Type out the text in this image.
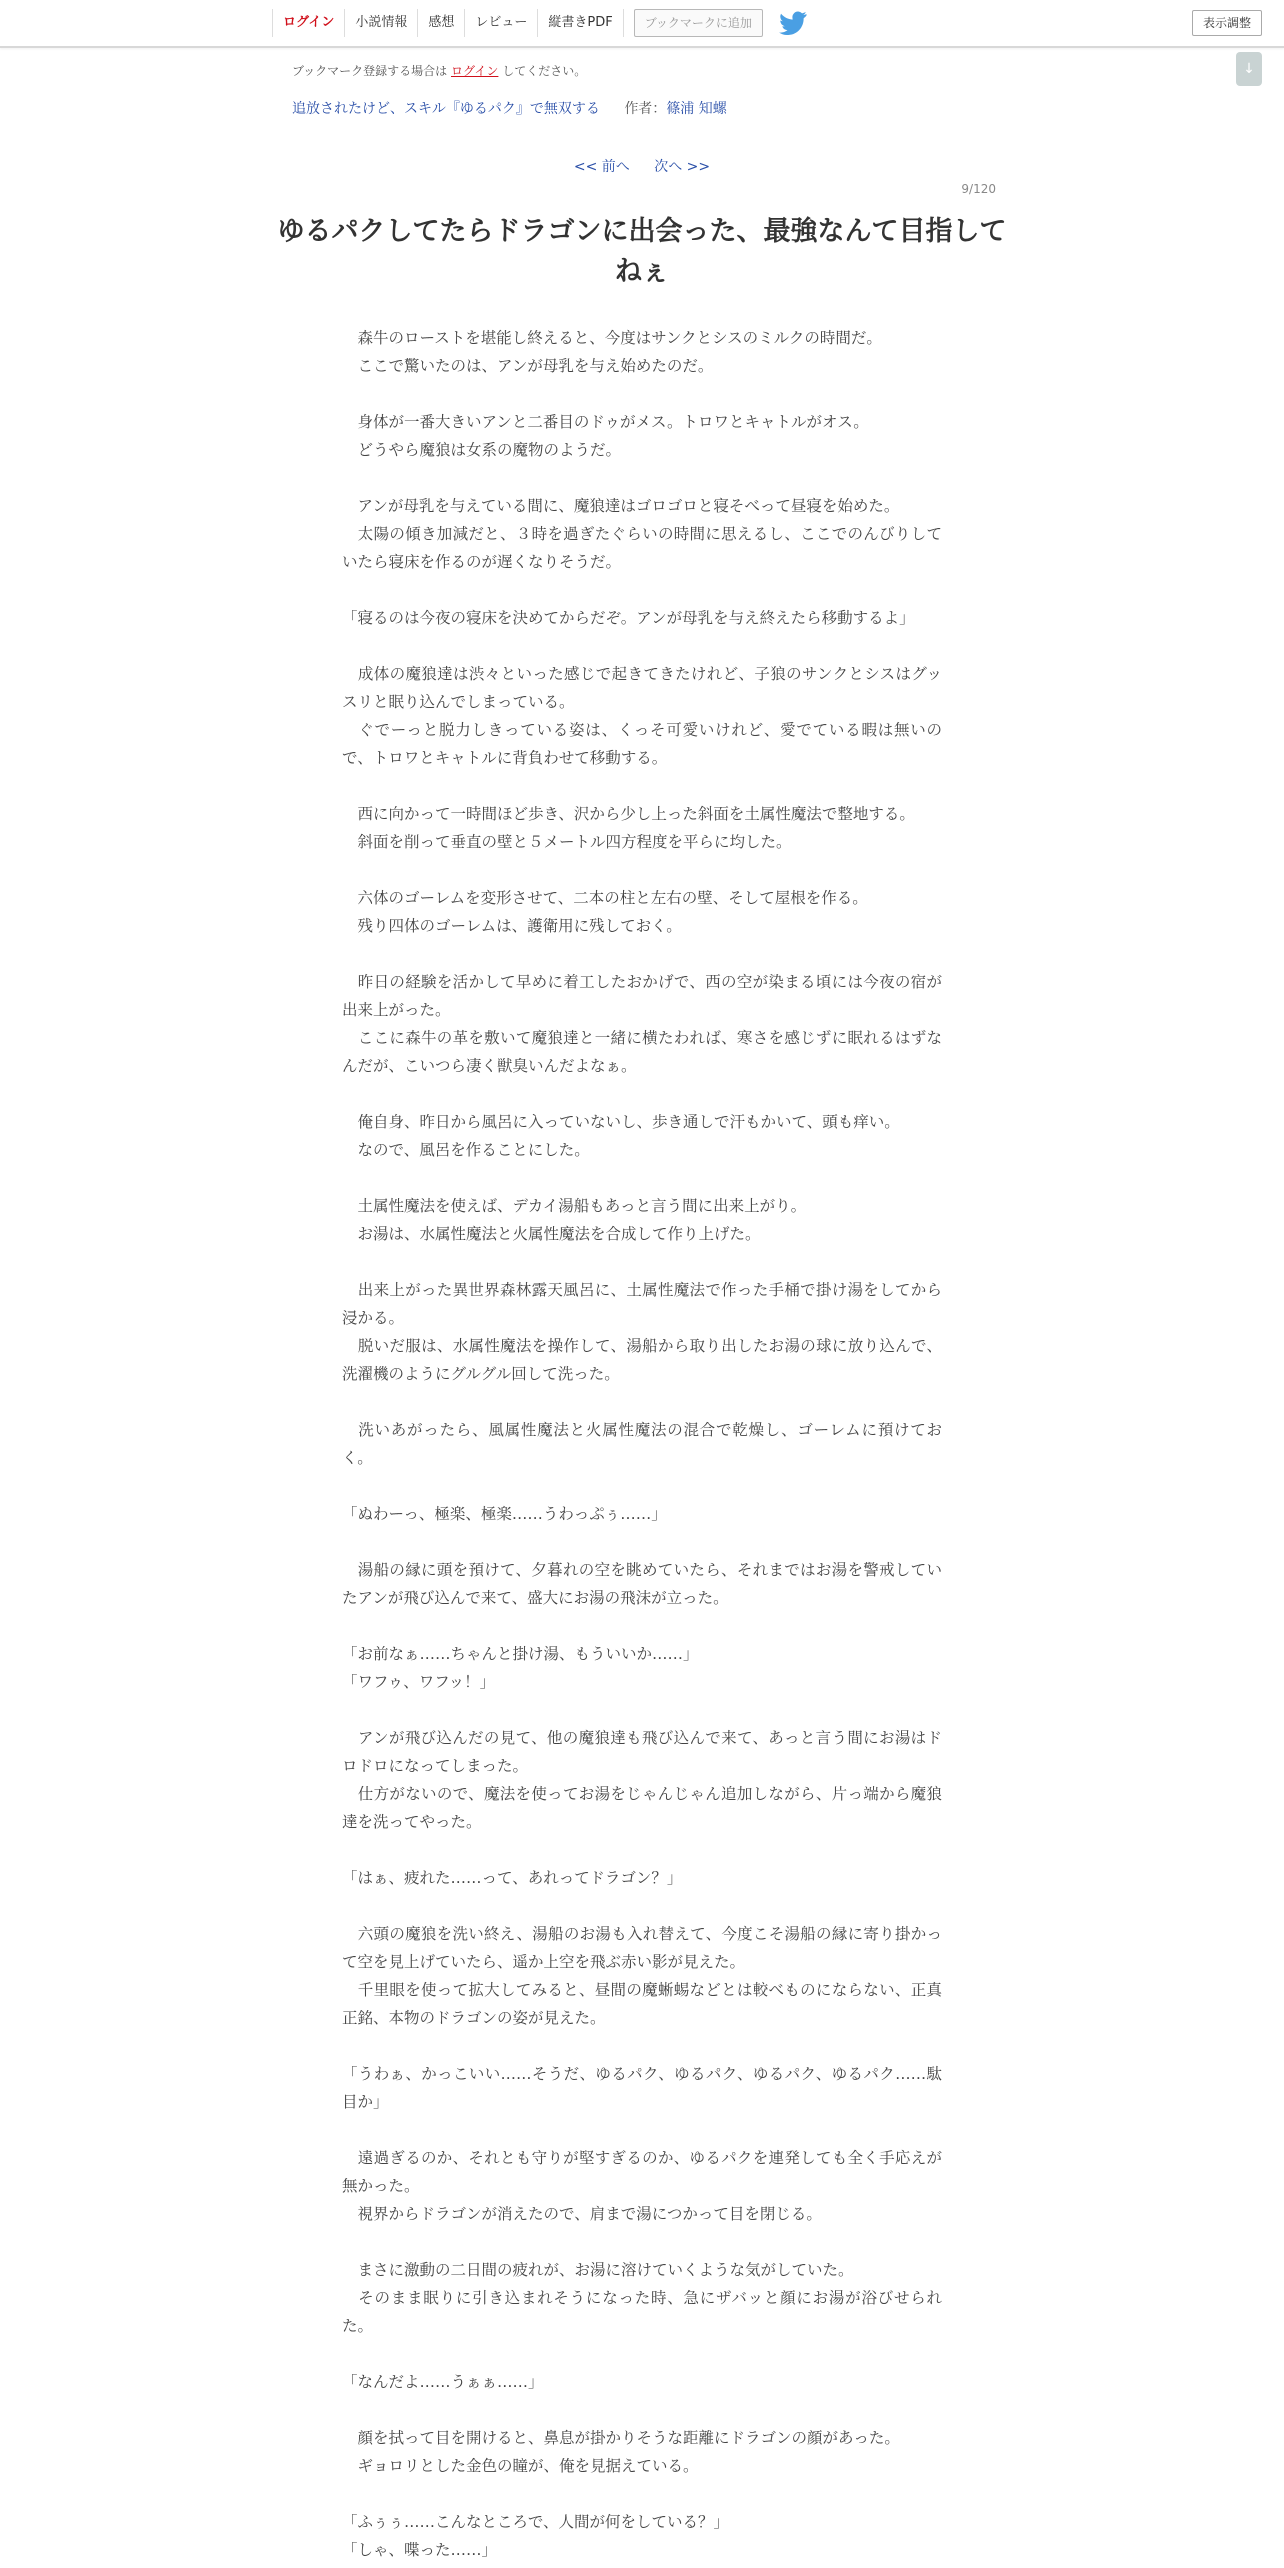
ログイン	小説情報	感想	レビュー	縦書きPDF	ブックマークに追加	表示調整
↓
ブックマーク登録する場合は ログイン してください。
追放されたけど、スキル『ゆるパク』で無双する 作者：篠浦 知螺
<< 前へ 次へ >>
9/120
ゆるパクしてたらドラゴンに出会った、最強なんて目指してねぇ

　森牛のローストを堪能し終えると、今度はサンクとシスのミルクの時間だ。

　ここで驚いたのは、アンが母乳を与え始めたのだ。

　身体が一番大きいアンと二番目のドゥがメス。トロワとキャトルがオス。

　どうやら魔狼は女系の魔物のようだ。

　アンが母乳を与えている間に、魔狼達はゴロゴロと寝そべって昼寝を始めた。

　太陽の傾き加減だと、３時を過ぎたぐらいの時間に思えるし、ここでのんびりしていたら寝床を作るのが遅くなりそうだ。

「寝るのは今夜の寝床を決めてからだぞ。アンが母乳を与え終えたら移動するよ」

　成体の魔狼達は渋々といった感じで起きてきたけれど、子狼のサンクとシスはグッスリと眠り込んでしまっている。

　ぐでーっと脱力しきっている姿は、くっそ可愛いけれど、愛でている暇は無いので、トロワとキャトルに背負わせて移動する。

　西に向かって一時間ほど歩き、沢から少し上った斜面を土属性魔法で整地する。

　斜面を削って垂直の壁と５メートル四方程度を平らに均した。

　六体のゴーレムを変形させて、二本の柱と左右の壁、そして屋根を作る。

　残り四体のゴーレムは、護衛用に残しておく。

　昨日の経験を活かして早めに着工したおかげで、西の空が染まる頃には今夜の宿が出来上がった。

　ここに森牛の革を敷いて魔狼達と一緒に横たわれば、寒さを感じずに眠れるはずなんだが、こいつら凄く獣臭いんだよなぁ。

　俺自身、昨日から風呂に入っていないし、歩き通しで汗もかいて、頭も痒い。

　なので、風呂を作ることにした。

　土属性魔法を使えば、デカイ湯船もあっと言う間に出来上がり。

　お湯は、水属性魔法と火属性魔法を合成して作り上げた。

　出来上がった異世界森林露天風呂に、土属性魔法で作った手桶で掛け湯をしてから浸かる。

　脱いだ服は、水属性魔法を操作して、湯船から取り出したお湯の球に放り込んで、洗濯機のようにグルグル回して洗った。

　洗いあがったら、風属性魔法と火属性魔法の混合で乾燥し、ゴーレムに預けておく。

「ぬわーっ、極楽、極楽……うわっぷぅ……」

　湯船の縁に頭を預けて、夕暮れの空を眺めていたら、それまではお湯を警戒していたアンが飛び込んで来て、盛大にお湯の飛沫が立った。

「お前なぁ……ちゃんと掛け湯、もういいか……」

「ワフゥ、ワフッ！」

　アンが飛び込んだの見て、他の魔狼達も飛び込んで来て、あっと言う間にお湯はドロドロになってしまった。

　仕方がないので、魔法を使ってお湯をじゃんじゃん追加しながら、片っ端から魔狼達を洗ってやった。

「はぁ、疲れた……って、あれってドラゴン？」

　六頭の魔狼を洗い終え、湯船のお湯も入れ替えて、今度こそ湯船の縁に寄り掛かって空を見上げていたら、遥か上空を飛ぶ赤い影が見えた。

　千里眼を使って拡大してみると、昼間の魔蜥蜴などとは較べものにならない、正真正銘、本物のドラゴンの姿が見えた。

「うわぁ、かっこいい……そうだ、ゆるパク、ゆるパク、ゆるパク、ゆるパク……駄目か」

　遠過ぎるのか、それとも守りが堅すぎるのか、ゆるパクを連発しても全く手応えが無かった。

　視界からドラゴンが消えたので、肩まで湯につかって目を閉じる。

　まさに激動の二日間の疲れが、お湯に溶けていくような気がしていた。

　そのまま眠りに引き込まれそうになった時、急にザバッと顔にお湯が浴びせられた。

「なんだよ……うぁぁ……」

　顔を拭って目を開けると、鼻息が掛かりそうな距離にドラゴンの顔があった。

　ギョロリとした金色の瞳が、俺を見据えている。

「ふぅぅ……こんなところで、人間が何をしている？」

「しゃ、喋った……」
